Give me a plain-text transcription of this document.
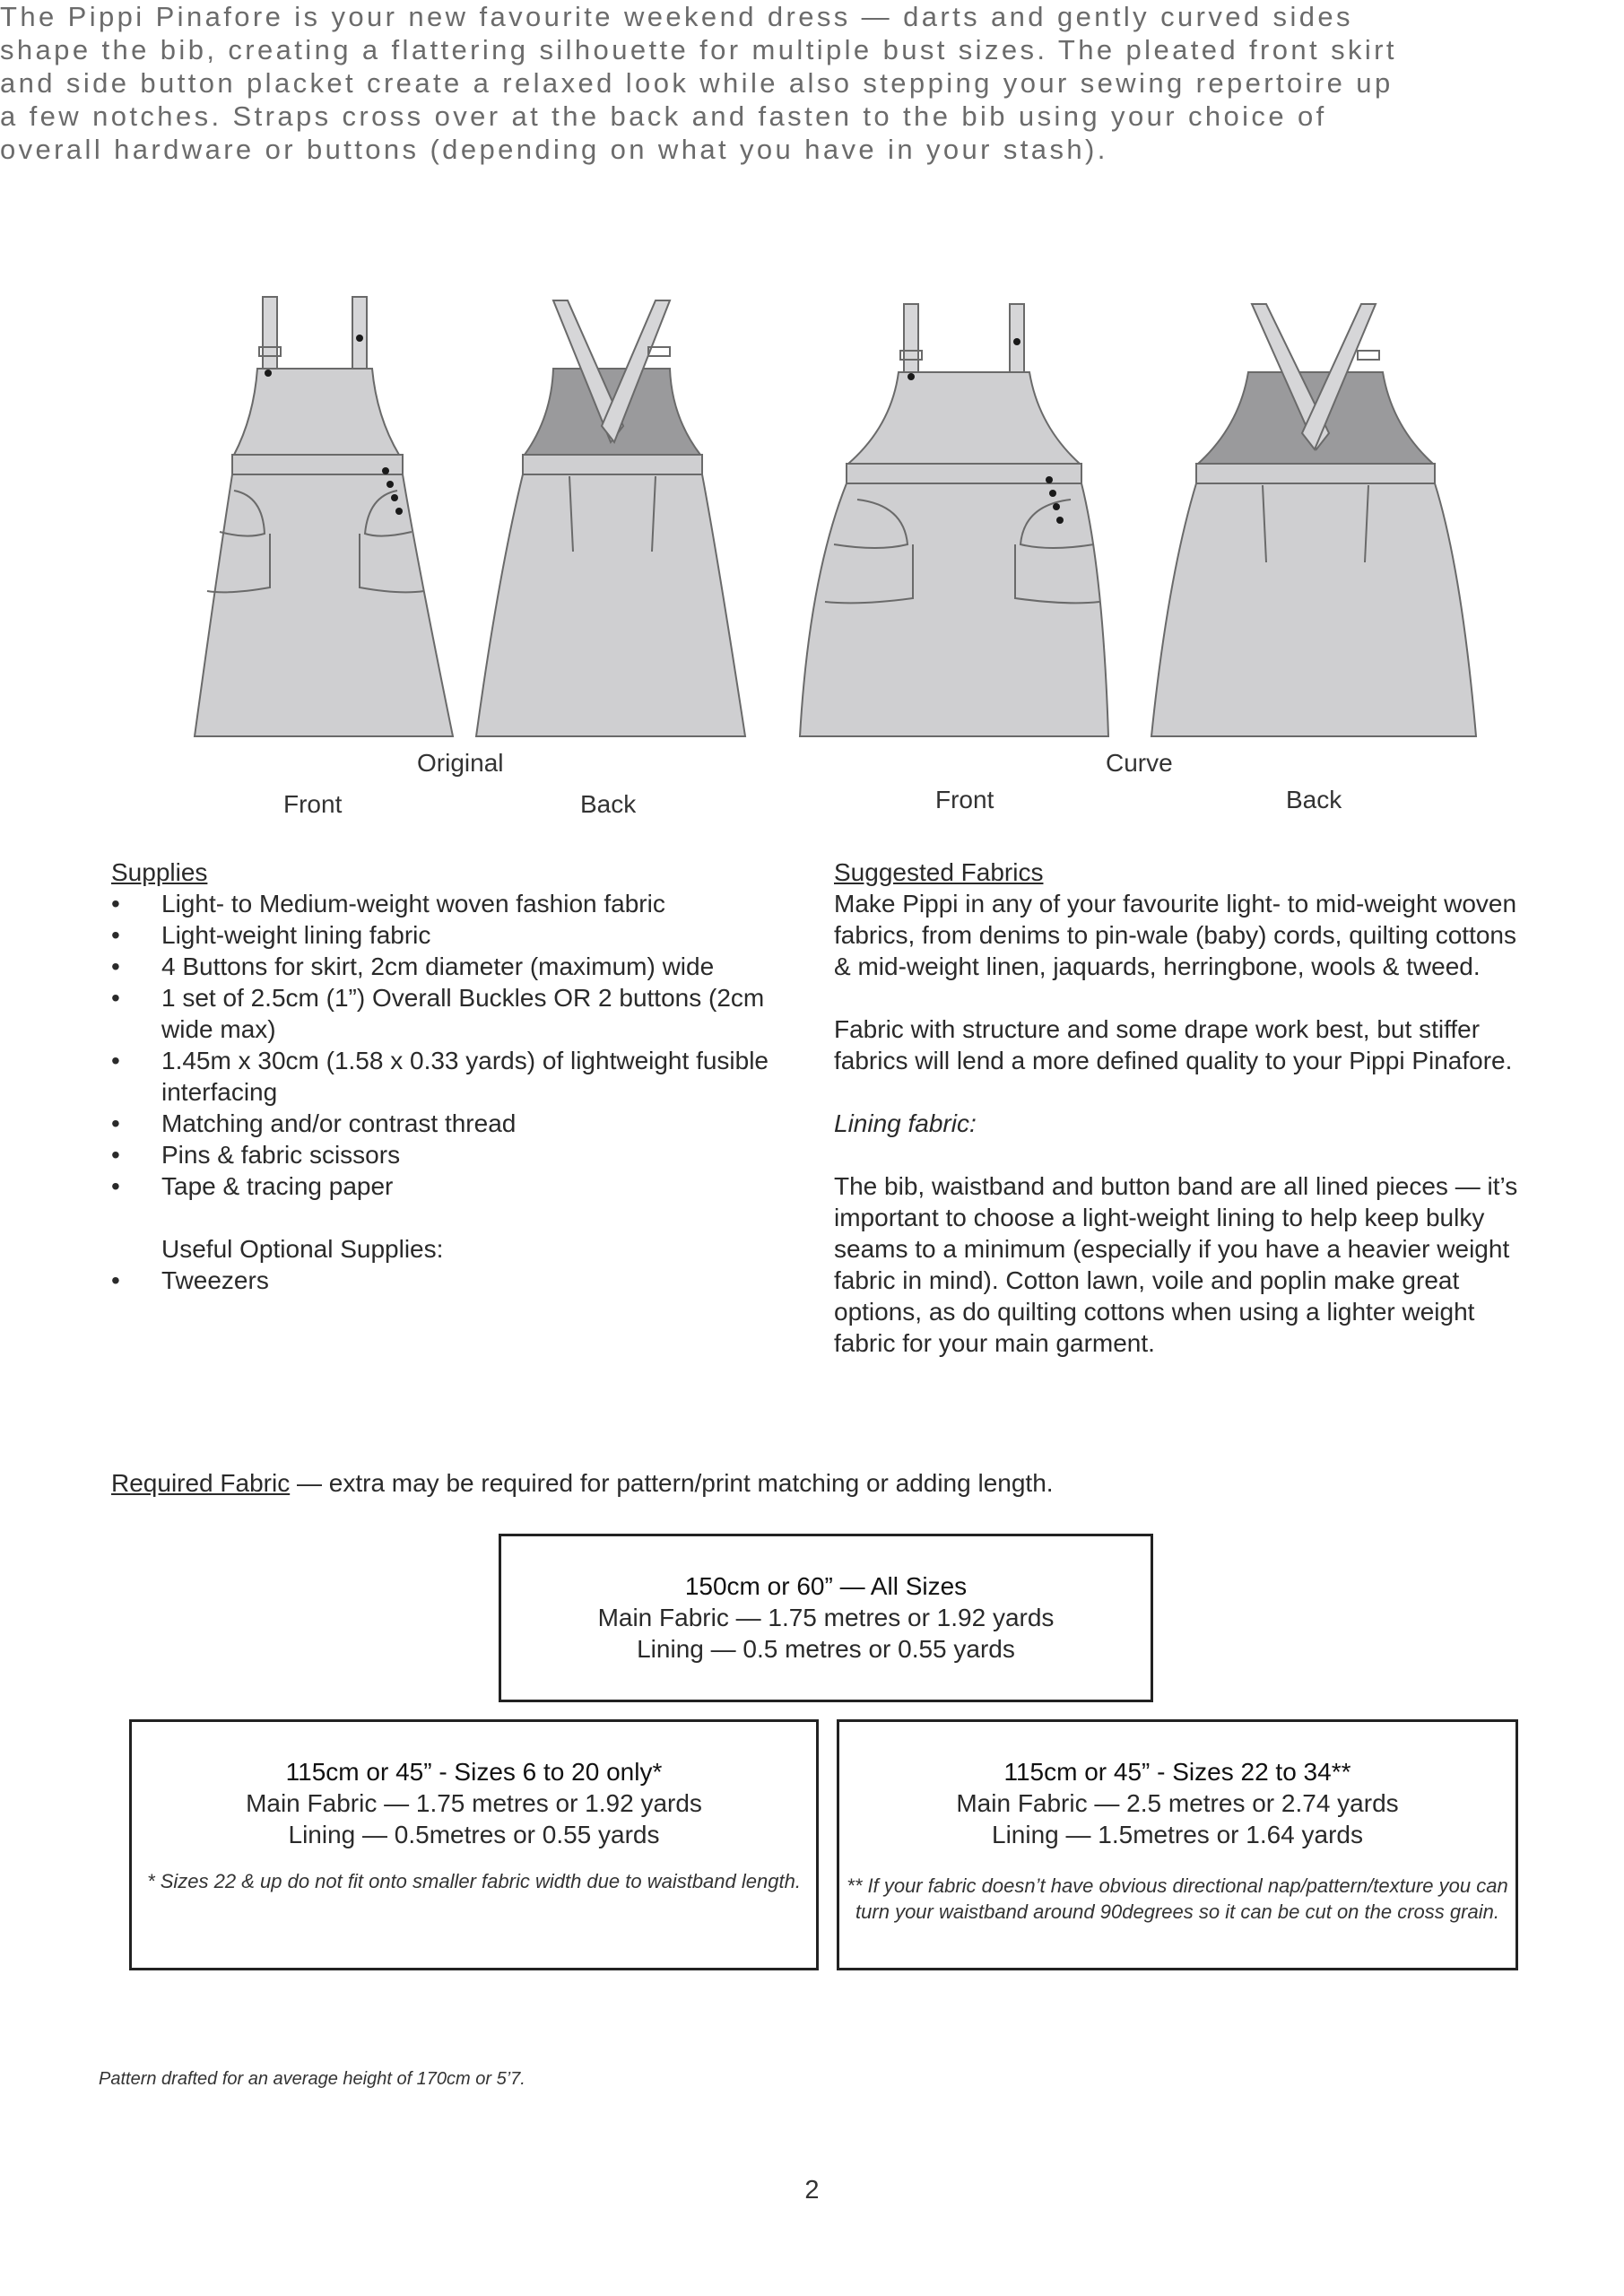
The Pippi Pinafore is your new favourite weekend dress — darts and gently curved sides shape the bib, creating a flattering silhouette for multiple bust sizes. The pleated front skirt and side button placket create a relaxed look while also stepping your sewing repertoire up a few notches. Straps cross over at the back and fasten to the bib using your choice of overall hardware or buttons (depending on what you have in your stash).

Original
Front	Back
Curve
Front	Back
Supplies
• Light- to Medium-weight woven fashion fabric
• Light-weight lining fabric
• 4 Buttons for skirt, 2cm diameter (maximum) wide
• 1 set of 2.5cm (1”) Overall Buckles OR 2 buttons (2cm wide max)
• 1.45m x 30cm (1.58 x 0.33 yards) of lightweight fusible interfacing
• Matching and/or contrast thread
• Pins & fabric scissors
• Tape & tracing paper

Useful Optional Supplies:

• Tweezers
Suggested Fabrics

Make Pippi in any of your favourite light- to mid-weight woven fabrics, from denims to pin-wale (baby) cords, quilting cottons & mid-weight linen, jaquards, herringbone, wools & tweed.

Fabric with structure and some drape work best, but stiffer fabrics will lend a more defined quality to your Pippi Pinafore.

Lining fabric:

The bib, waistband and button band are all lined pieces — it’s important to choose a light-weight lining to help keep bulky seams to a minimum (especially if you have a heavier weight fabric in mind). Cotton lawn, voile and poplin make great options, as do quilting cottons when using a lighter weight fabric for your main garment.

Required Fabric — extra may be required for pattern/print matching or adding length.
150cm or 60” — All Sizes
Main Fabric — 1.75 metres or 1.92 yards
Lining — 0.5 metres or 0.55 yards
115cm or 45” - Sizes 6 to 20 only*
Main Fabric — 1.75 metres or 1.92 yards
Lining — 0.5metres or 0.55 yards
* Sizes 22 & up do not fit onto smaller fabric width due to waistband length.
115cm or 45” - Sizes 22 to 34**
Main Fabric — 2.5 metres or 2.74 yards
Lining — 1.5metres or 1.64 yards
** If your fabric doesn’t have obvious directional nap/pattern/texture you can turn your waistband around 90degrees so it can be cut on the cross grain.
Pattern drafted for an average height of 170cm or 5’7.
2
